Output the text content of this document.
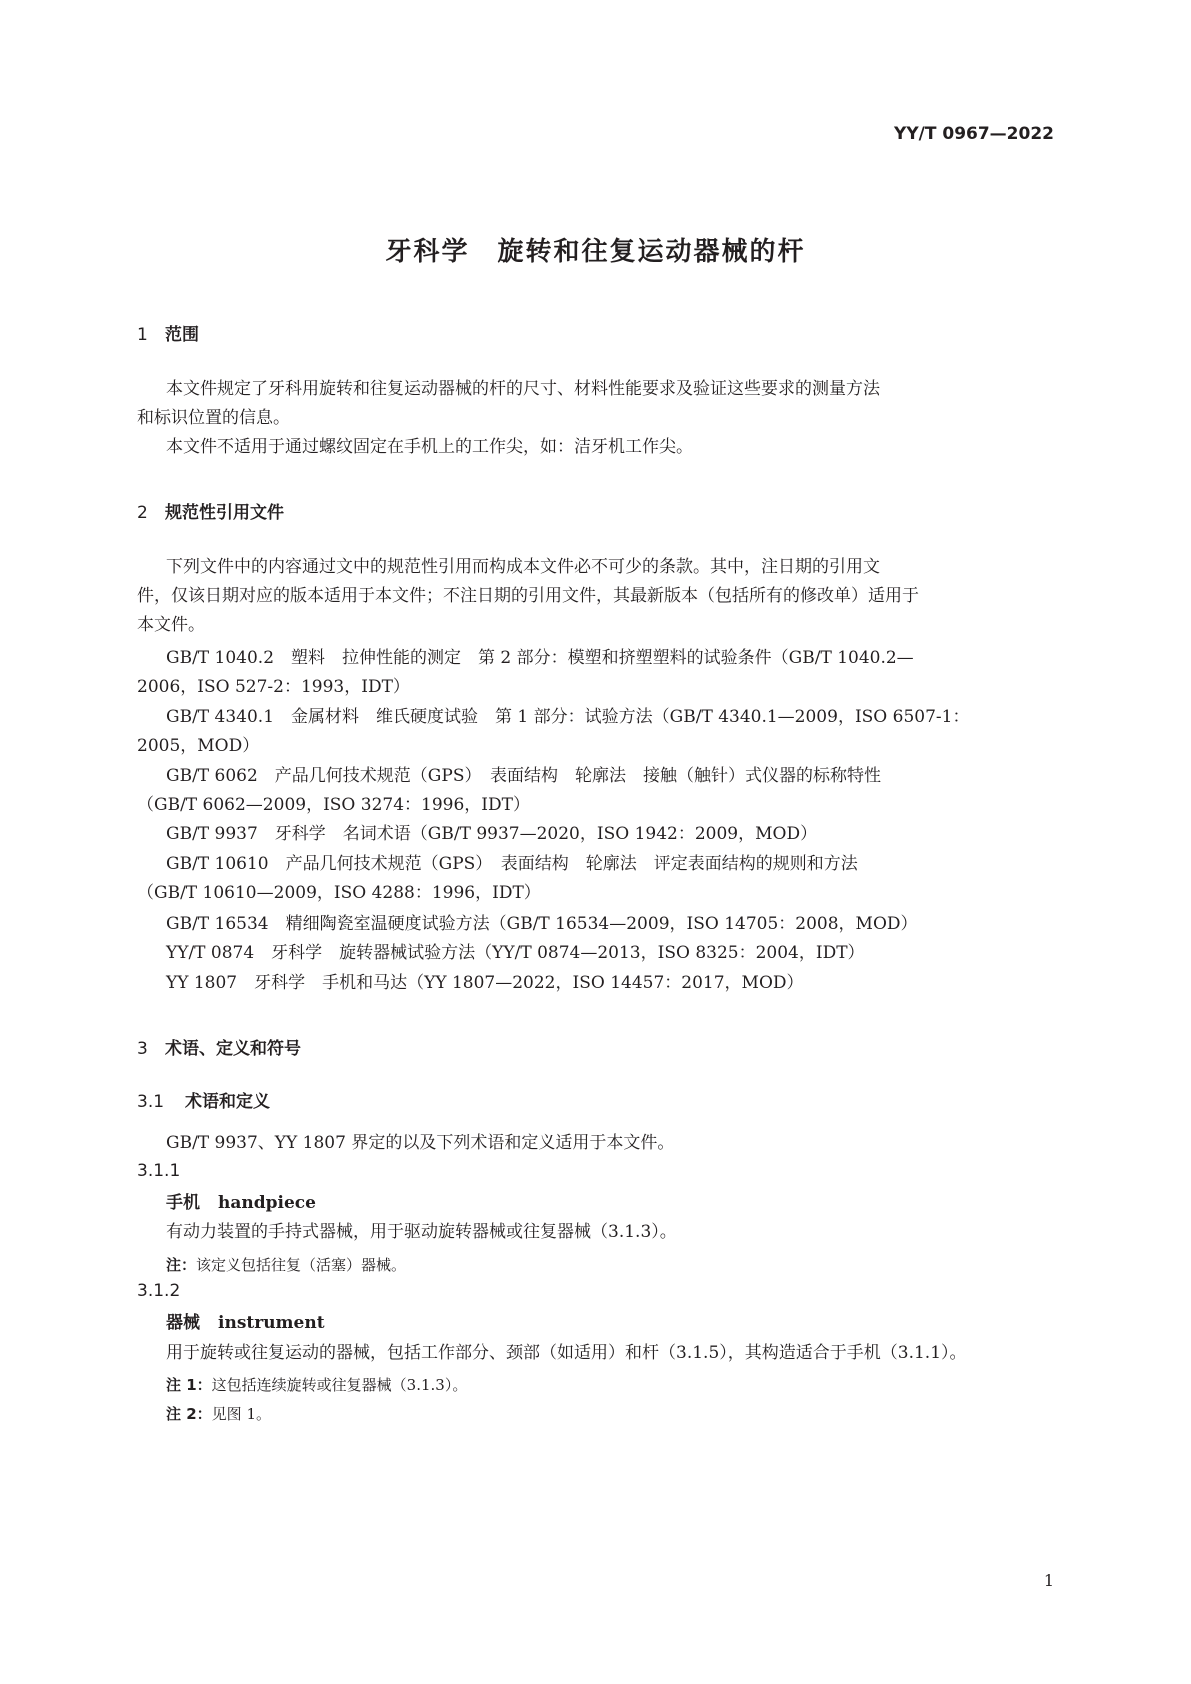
YY/T 0967—2022
牙科学　旋转和往复运动器械的杆
1 范围
本文件规定了牙科用旋转和往复运动器械的杆的尺寸、材料性能要求及验证这些要求的测量方法
和标识位置的信息。
本文件不适用于通过螺纹固定在手机上的工作尖，如：洁牙机工作尖。
2 规范性引用文件
下列文件中的内容通过文中的规范性引用而构成本文件必不可少的条款。其中，注日期的引用文
件，仅该日期对应的版本适用于本文件；不注日期的引用文件，其最新版本（包括所有的修改单）适用于
本文件。
GB/T 1040.2　塑料　拉伸性能的测定　第 2 部分：模塑和挤塑塑料的试验条件（GB/T 1040.2—
2006，ISO 527-2：1993，IDT）
GB/T 4340.1　金属材料　维氏硬度试验　第 1 部分：试验方法（GB/T 4340.1—2009，ISO 6507-1：
2005，MOD）
GB/T 6062　产品几何技术规范（GPS）　表面结构　轮廓法　接触（触针）式仪器的标称特性
（GB/T 6062—2009，ISO 3274：1996，IDT）
GB/T 9937　牙科学　名词术语（GB/T 9937—2020，ISO 1942：2009，MOD）
GB/T 10610　产品几何技术规范（GPS）　表面结构　轮廓法　评定表面结构的规则和方法
（GB/T 10610—2009，ISO 4288：1996，IDT）
GB/T 16534　精细陶瓷室温硬度试验方法（GB/T 16534—2009，ISO 14705：2008，MOD）
YY/T 0874　牙科学　旋转器械试验方法（YY/T 0874—2013，ISO 8325：2004，IDT）
YY 1807　牙科学　手机和马达（YY 1807—2022，ISO 14457：2017，MOD）
3 术语、定义和符号
3.1 术语和定义
GB/T 9937、YY 1807 界定的以及下列术语和定义适用于本文件。
3.1.1
手机 handpiece
有动力装置的手持式器械，用于驱动旋转器械或往复器械（3.1.3）。
注：该定义包括往复（活塞）器械。
3.1.2
器械 instrument
用于旋转或往复运动的器械，包括工作部分、颈部（如适用）和杆（3.1.5），其构造适合于手机（3.1.1）。
注 1：这包括连续旋转或往复器械（3.1.3）。
注 2：见图 1。
1
